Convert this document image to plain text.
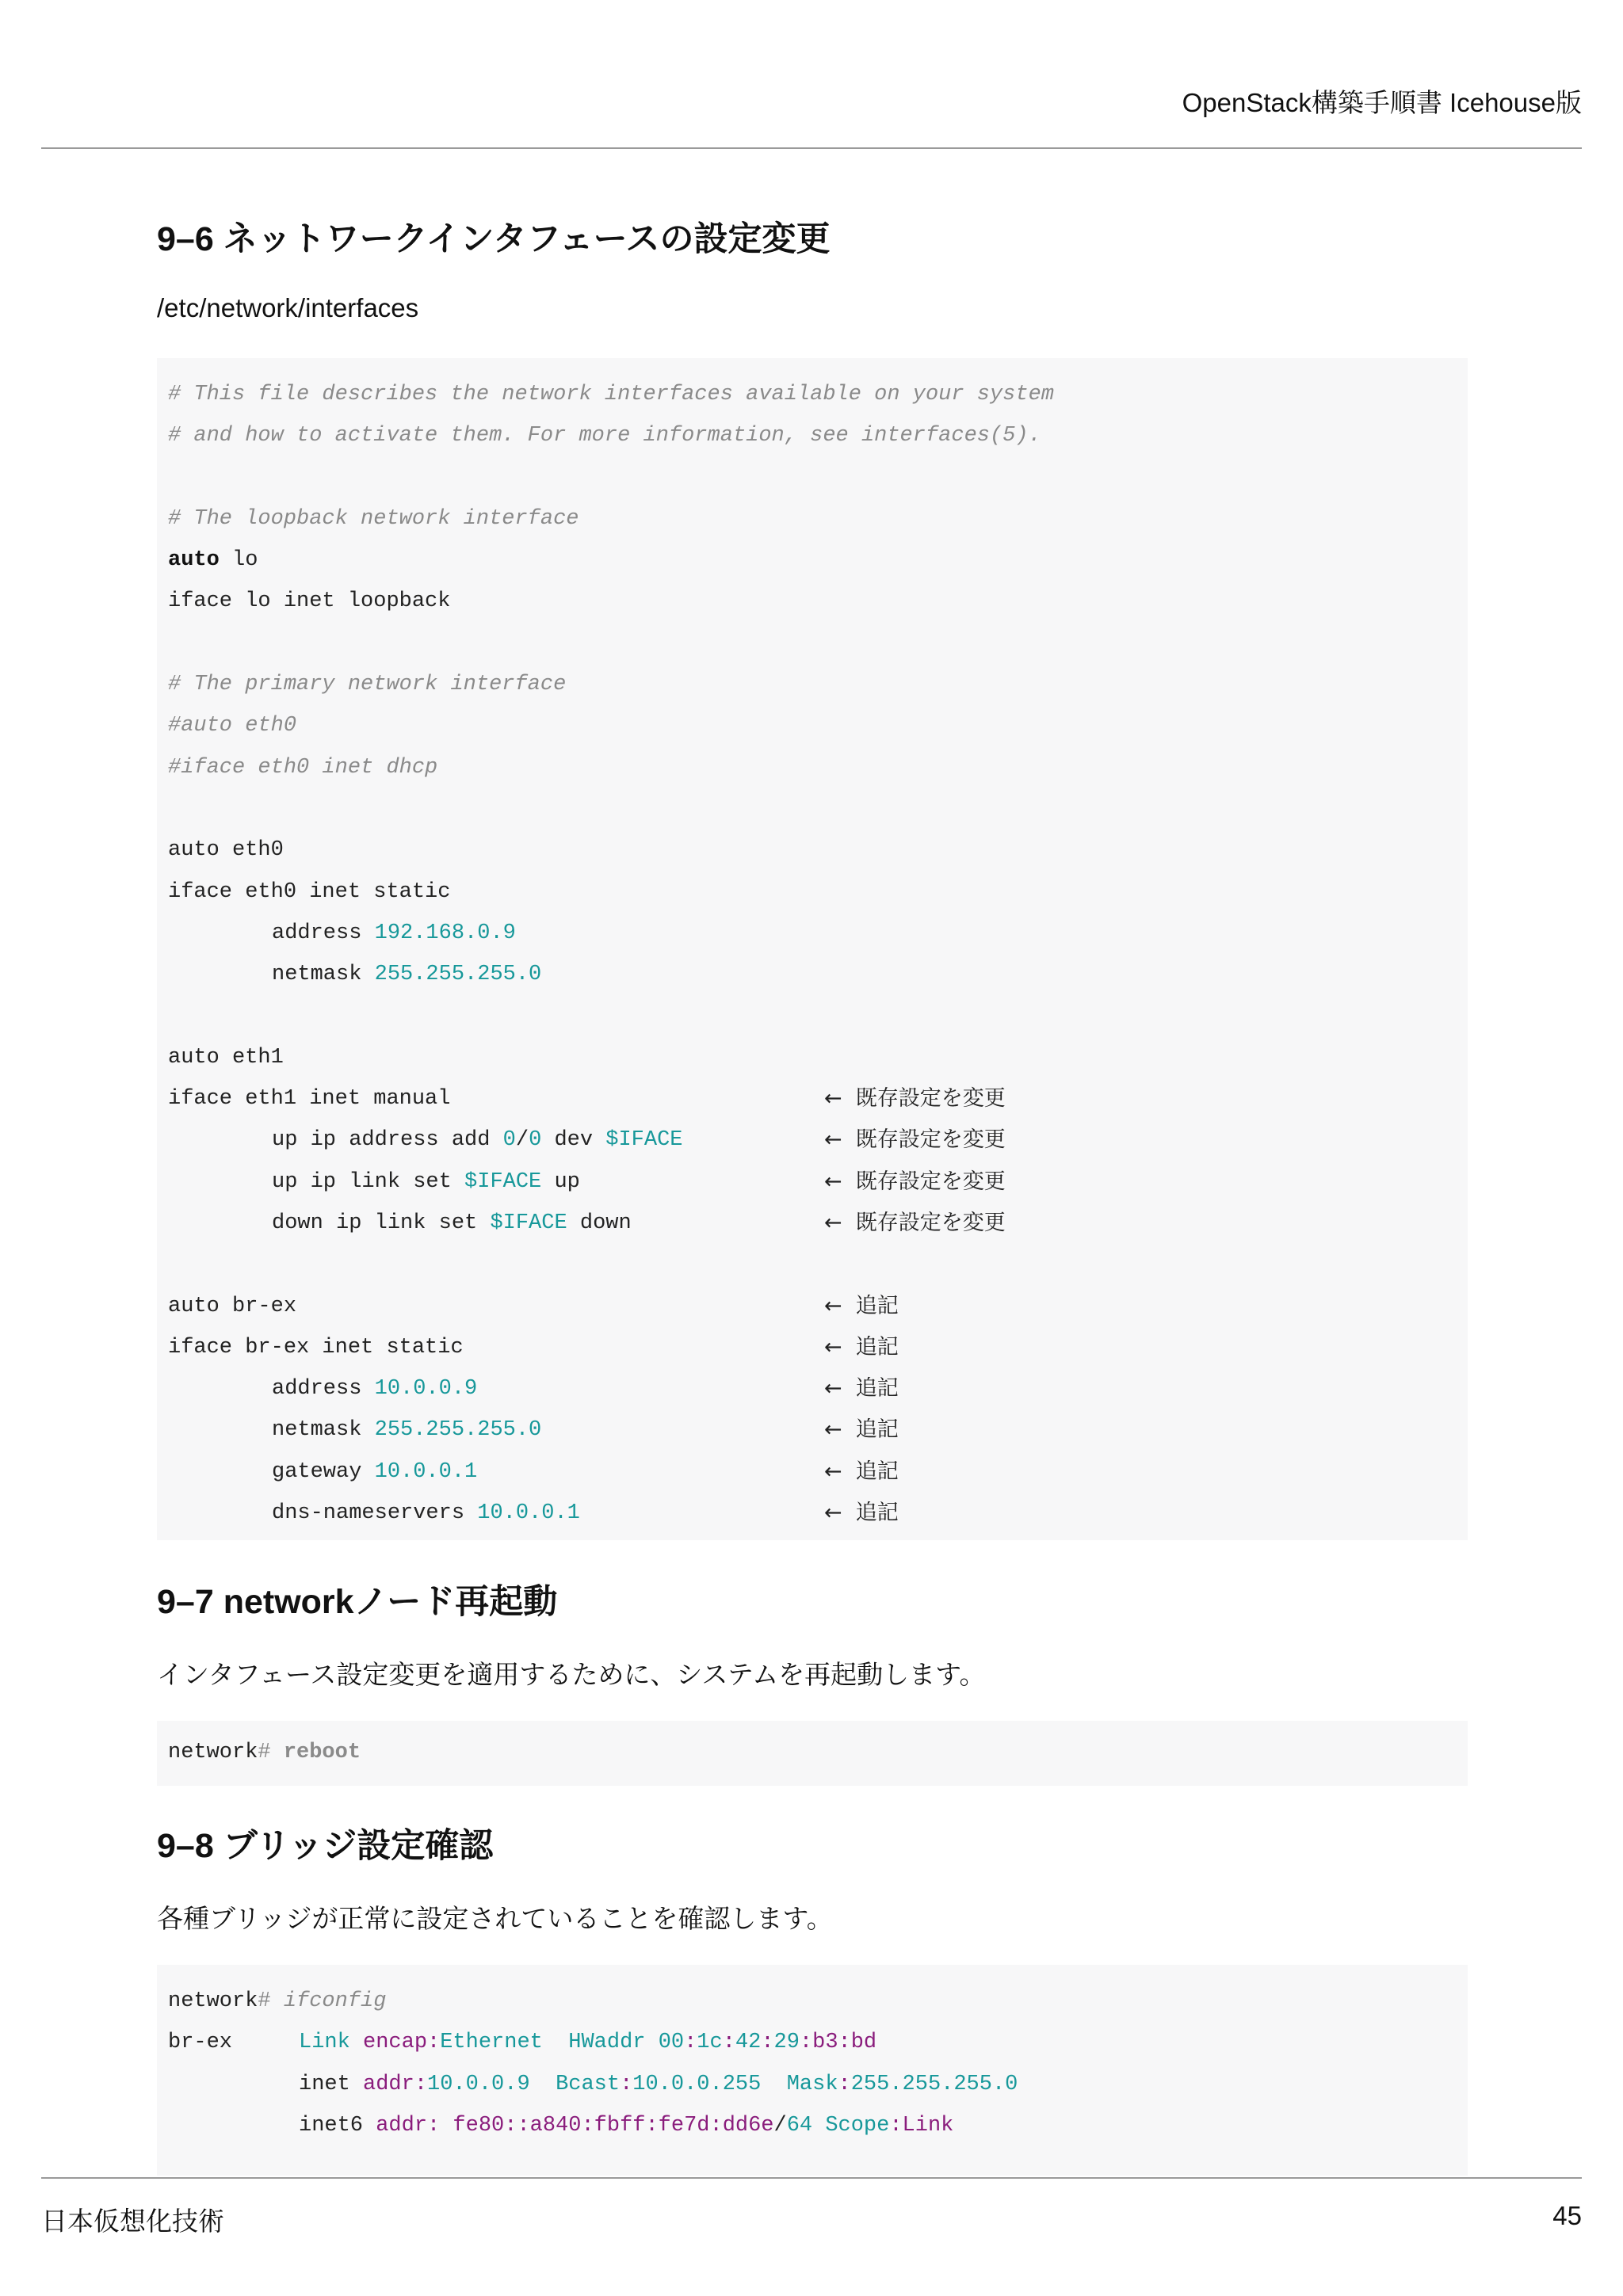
OpenStack構築手順書 Icehouse版
9–6 ネットワークインタフェースの設定変更

/etc/network/interfaces

# This file describes the network interfaces available on your system
# and how to activate them. For more information, see interfaces(5).
# The loopback network interface
auto lo
iface lo inet loopback
# The primary network interface
#auto eth0
#iface eth0 inet dhcp
auto eth0
iface eth0 inet static
address 192.168.0.9
netmask 255.255.255.0
auto eth1
iface eth1 inet manual	←  既存設定を変更
up ip address add 0/0 dev $IFACE	←  既存設定を変更
up ip link set $IFACE up	←  既存設定を変更
down ip link set $IFACE down	←  既存設定を変更
auto br-ex	←  追記
iface br-ex inet static	←  追記
address 10.0.0.9	←  追記
netmask 255.255.255.0	←  追記
gateway 10.0.0.1	←  追記
dns-nameservers 10.0.0.1	←  追記
9–7 networkノード再起動

インタフェース設定変更を適用するために、システムを再起動します。

network# reboot
9–8 ブリッジ設定確認

各種ブリッジが正常に設定されていることを確認します。

network# ifconfig

br-ex

	Link encap:Ethernet HWaddr 00:1c:42:29:b3:bd

inet addr:10.0.0.9 Bcast:10.0.0.255 Mask:255.255.255.0

inet6 addr: fe80::a840:fbff:fe7d:dd6e/64 Scope:Link

日本仮想化技術	45
